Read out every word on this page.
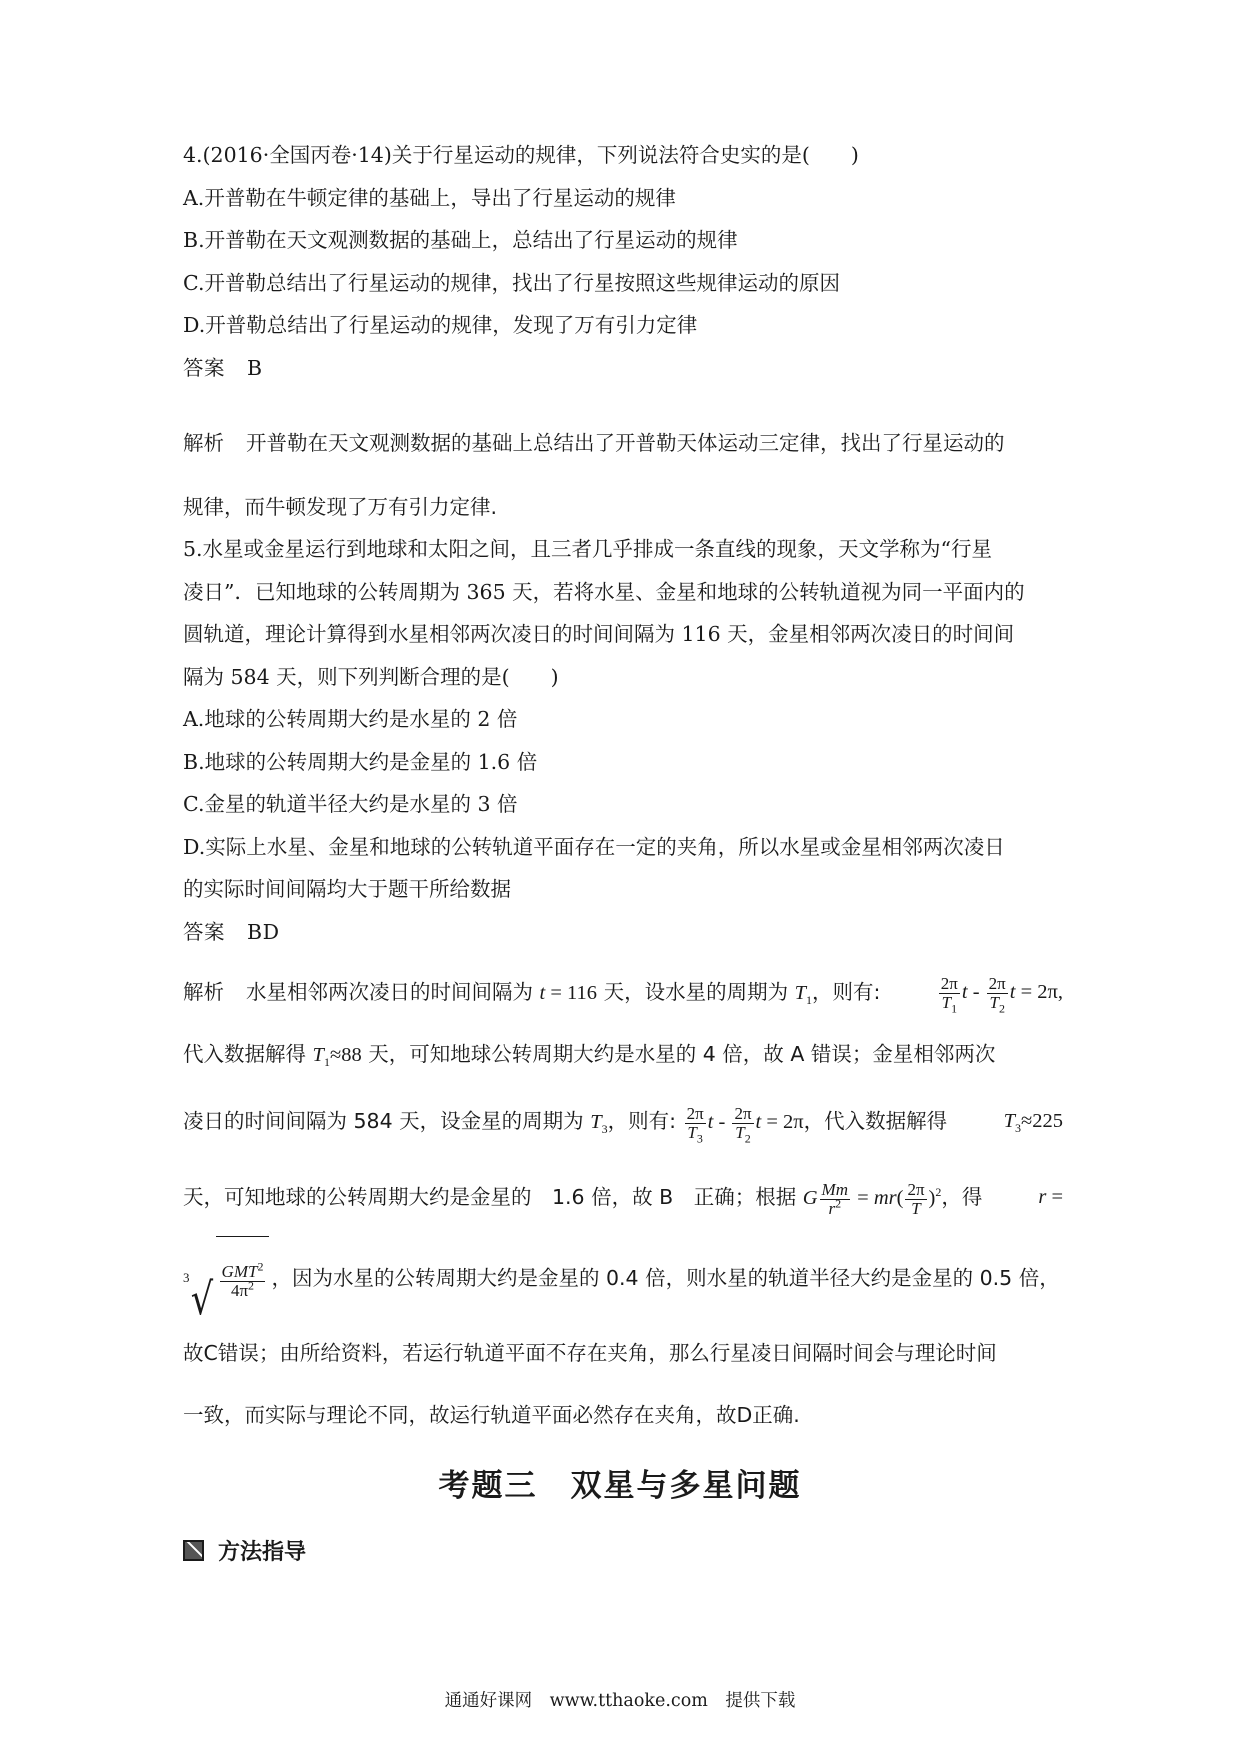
4.(2016·全国丙卷·14)关于行星运动的规律，下列说法符合史实的是(　　)
A.开普勒在牛顿定律的基础上，导出了行星运动的规律
B.开普勒在天文观测数据的基础上，总结出了行星运动的规律
C.开普勒总结出了行星运动的规律，找出了行星按照这些规律运动的原因
D.开普勒总结出了行星运动的规律，发现了万有引力定律
答案 B
解析 开普勒在天文观测数据的基础上总结出了开普勒天体运动三定律，找出了行星运动的
规律，而牛顿发现了万有引力定律.
5.水星或金星运行到地球和太阳之间，且三者几乎排成一条直线的现象，天文学称为“行星
凌日”．已知地球的公转周期为 365 天，若将水星、金星和地球的公转轨道视为同一平面内的
圆轨道，理论计算得到水星相邻两次凌日的时间间隔为 116 天，金星相邻两次凌日的时间间
隔为 584 天，则下列判断合理的是(　　)
A.地球的公转周期大约是水星的 2 倍
B.地球的公转周期大约是金星的 1.6 倍
C.金星的轨道半径大约是水星的 3 倍
D.实际上水星、金星和地球的公转轨道平面存在一定的夹角，所以水星或金星相邻两次凌日
的实际时间间隔均大于题干所给数据
答案 BD
解析 水星相邻两次凌日的时间间隔为 t = 116 天，设水星的周期为 $T_1$，则有:	$\frac{2\pi}{T_1}$ t - $\frac{2\pi}{T_2}$ t = 2π,
代入数据解得 $T_1\approx 88$ 天，可知地球公转周期大约是水星的 4 倍，故 A 错误；金星相邻两次
凌日的时间间隔为 584 天，设金星的周期为 $T_3$，则有: $\frac{2\pi}{T_3}$ t - $\frac{2\pi}{T_2}$ t = 2π，代入数据解得	$T_3\approx 225$
天，可知地球的公转周期大约是金星的　1.6 倍，故 B　正确；根据 G $\frac{Mm}{r^2} = mr( \frac{2\pi}{T} )^2$，得	r =
3 √ $\frac{GMT^2}{4\pi^2}$ ，因为水星的公转周期大约是金星的 0.4 倍，则水星的轨道半径大约是金星的 0.5 倍，
故C错误；由所给资料，若运行轨道平面不存在夹角，那么行星凌日间隔时间会与理论时间
一致，而实际与理论不同，故运行轨道平面必然存在夹角，故D正确.
考题三　双星与多星问题
方法指导
通通好课网　www.tthaoke.com　提供下载
